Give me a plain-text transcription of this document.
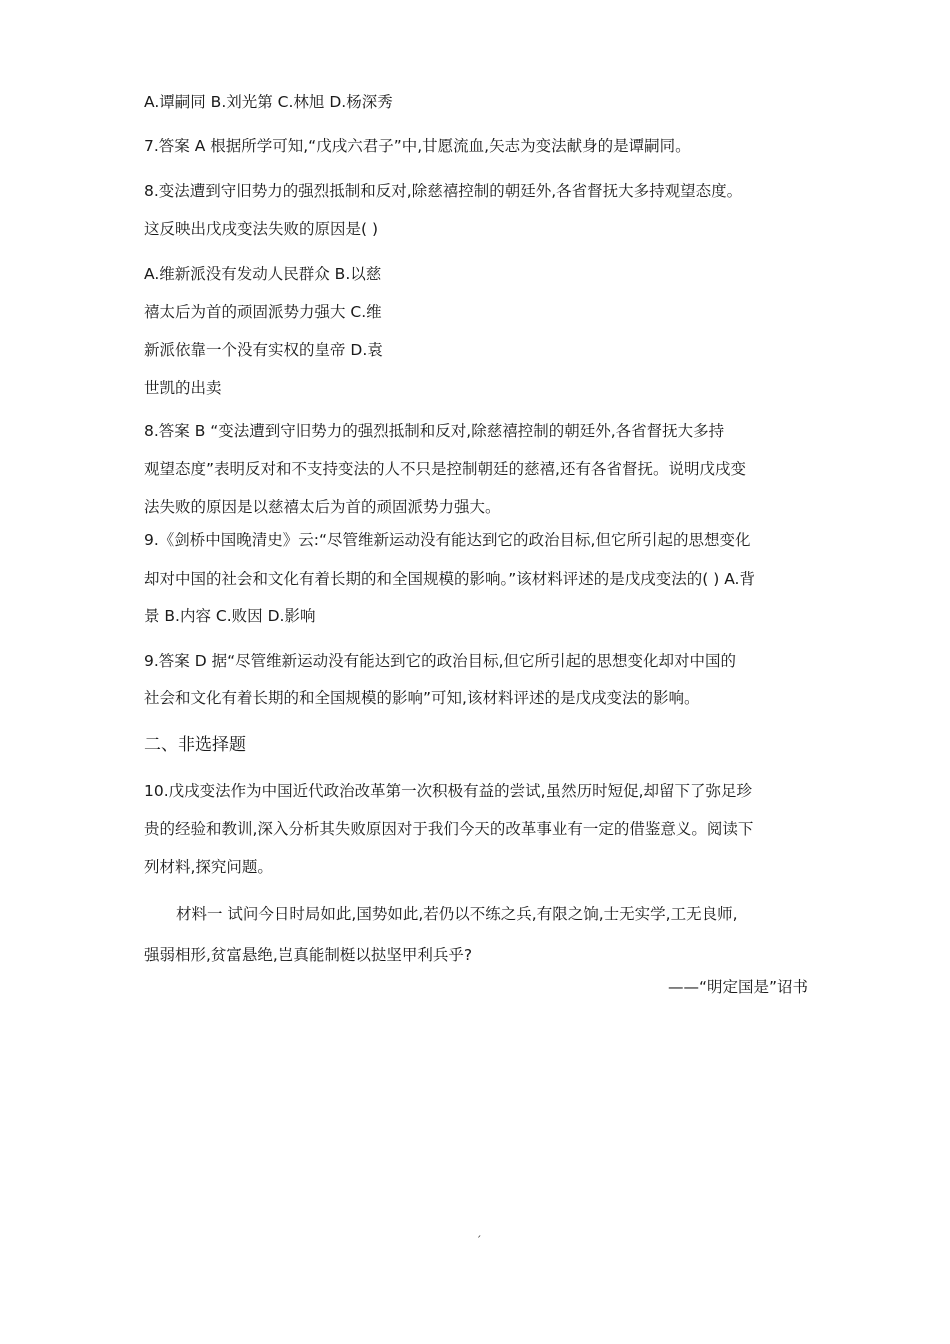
A.谭嗣同 B.刘光第 C.林旭 D.杨深秀
7.答案 A 根据所学可知,“戊戌六君子”中,甘愿流血,矢志为变法献身的是谭嗣同。
8.变法遭到守旧势力的强烈抵制和反对,除慈禧控制的朝廷外,各省督抚大多持观望态度。
这反映出戊戌变法失败的原因是( )
A.维新派没有发动人民群众 B.以慈
禧太后为首的顽固派势力强大 C.维
新派依靠一个没有实权的皇帝 D.袁
世凯的出卖
8.答案 B “变法遭到守旧势力的强烈抵制和反对,除慈禧控制的朝廷外,各省督抚大多持
观望态度”表明反对和不支持变法的人不只是控制朝廷的慈禧,还有各省督抚。说明戊戌变
法失败的原因是以慈禧太后为首的顽固派势力强大。
9.《剑桥中国晚清史》云:“尽管维新运动没有能达到它的政治目标,但它所引起的思想变化
却对中国的社会和文化有着长期的和全国规模的影响。”该材料评述的是戊戌变法的( ) A.背
景 B.内容 C.败因 D.影响
9.答案 D 据“尽管维新运动没有能达到它的政治目标,但它所引起的思想变化却对中国的
社会和文化有着长期的和全国规模的影响”可知,该材料评述的是戊戌变法的影响。
二、非选择题
10.戊戌变法作为中国近代政治改革第一次积极有益的尝试,虽然历时短促,却留下了弥足珍
贵的经验和教训,深入分析其失败原因对于我们今天的改革事业有一定的借鉴意义。阅读下
列材料,探究问题。
材料一 试问今日时局如此,国势如此,若仍以不练之兵,有限之饷,士无实学,工无良师,
强弱相形,贫富悬绝,岂真能制梃以挞坚甲利兵乎?
——“明定国是”诏书
´
